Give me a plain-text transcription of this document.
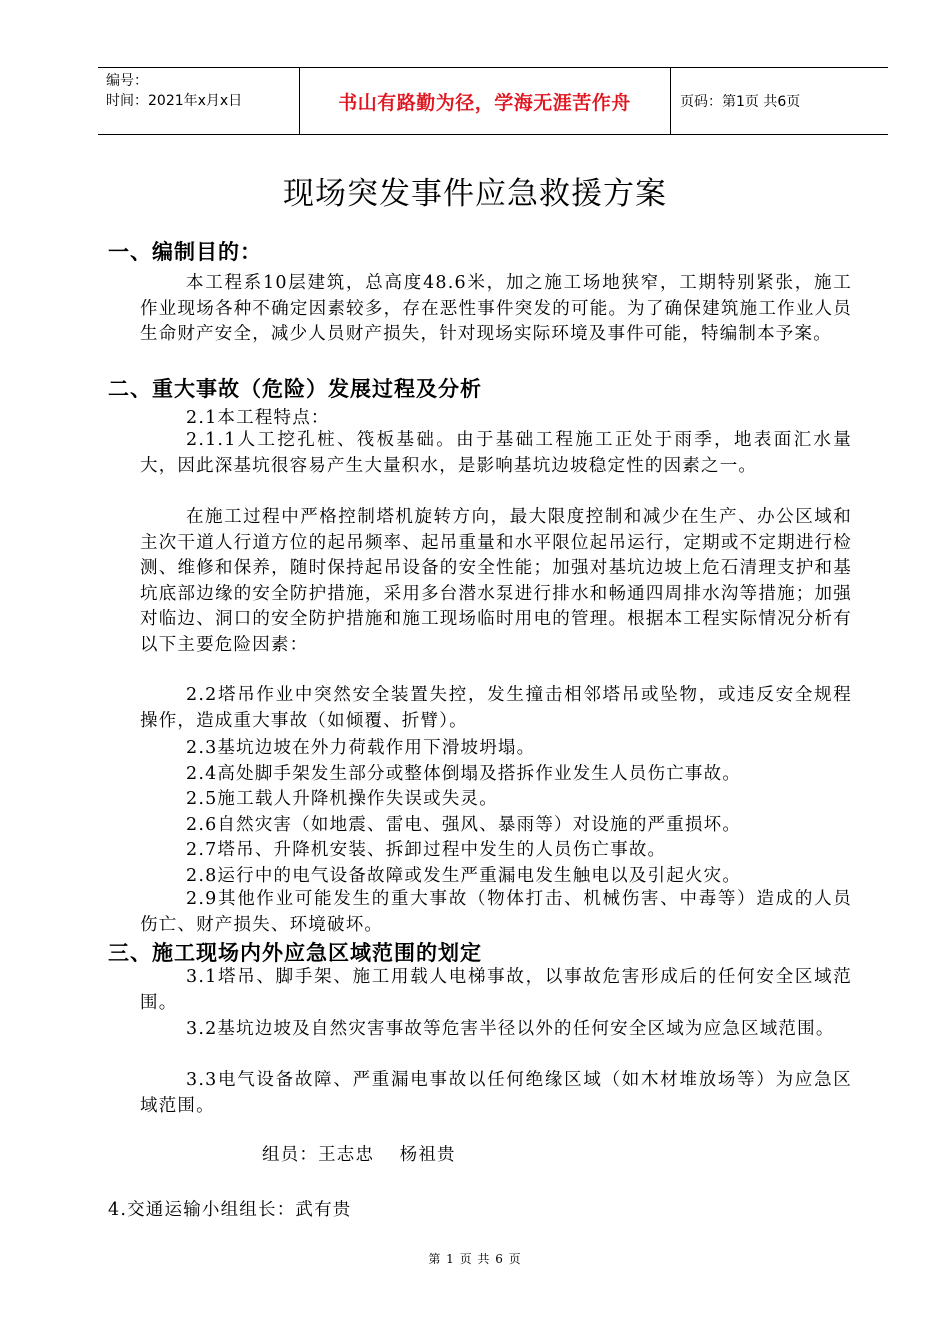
编号：
时间：2021年x月x日	书山有路勤为径，学海无涯苦作舟	页码：第1页 共6页
现场突发事件应急救援方案
一、编制目的：
本工程系10层建筑，总高度48.6米，加之施工场地狭窄，工期特别紧张，施工作业现场各种不确定因素较多，存在恶性事件突发的可能。为了确保建筑施工作业人员生命财产安全，减少人员财产损失，针对现场实际环境及事件可能，特编制本予案。
二、重大事故（危险）发展过程及分析
2.1本工程特点：
2.1.1人工挖孔桩、筏板基础。由于基础工程施工正处于雨季，地表面汇水量大，因此深基坑很容易产生大量积水，是影响基坑边坡稳定性的因素之一。
在施工过程中严格控制塔机旋转方向，最大限度控制和减少在生产、办公区域和主次干道人行道方位的起吊频率、起吊重量和水平限位起吊运行，定期或不定期进行检测、维修和保养，随时保持起吊设备的安全性能；加强对基坑边坡上危石清理支护和基坑底部边缘的安全防护措施，采用多台潜水泵进行排水和畅通四周排水沟等措施；加强对临边、洞口的安全防护措施和施工现场临时用电的管理。根据本工程实际情况分析有以下主要危险因素：
2.2塔吊作业中突然安全装置失控，发生撞击相邻塔吊或坠物，或违反安全规程操作，造成重大事故（如倾覆、折臂）。
2.3基坑边坡在外力荷载作用下滑坡坍塌。
2.4高处脚手架发生部分或整体倒塌及搭拆作业发生人员伤亡事故。
2.5施工载人升降机操作失误或失灵。
2.6自然灾害（如地震、雷电、强风、暴雨等）对设施的严重损坏。
2.7塔吊、升降机安装、拆卸过程中发生的人员伤亡事故。
2.8运行中的电气设备故障或发生严重漏电发生触电以及引起火灾。
2.9其他作业可能发生的重大事故（物体打击、机械伤害、中毒等）造成的人员伤亡、财产损失、环境破坏。
三、施工现场内外应急区域范围的划定
3.1塔吊、脚手架、施工用载人电梯事故，以事故危害形成后的任何安全区域范围。
3.2基坑边坡及自然灾害事故等危害半径以外的任何安全区域为应急区域范围。
3.3电气设备故障、严重漏电事故以任何绝缘区域（如木材堆放场等）为应急区域范围。
组员：王志忠　 杨祖贵
4.交通运输小组组长：武有贵
第 1 页 共 6 页
